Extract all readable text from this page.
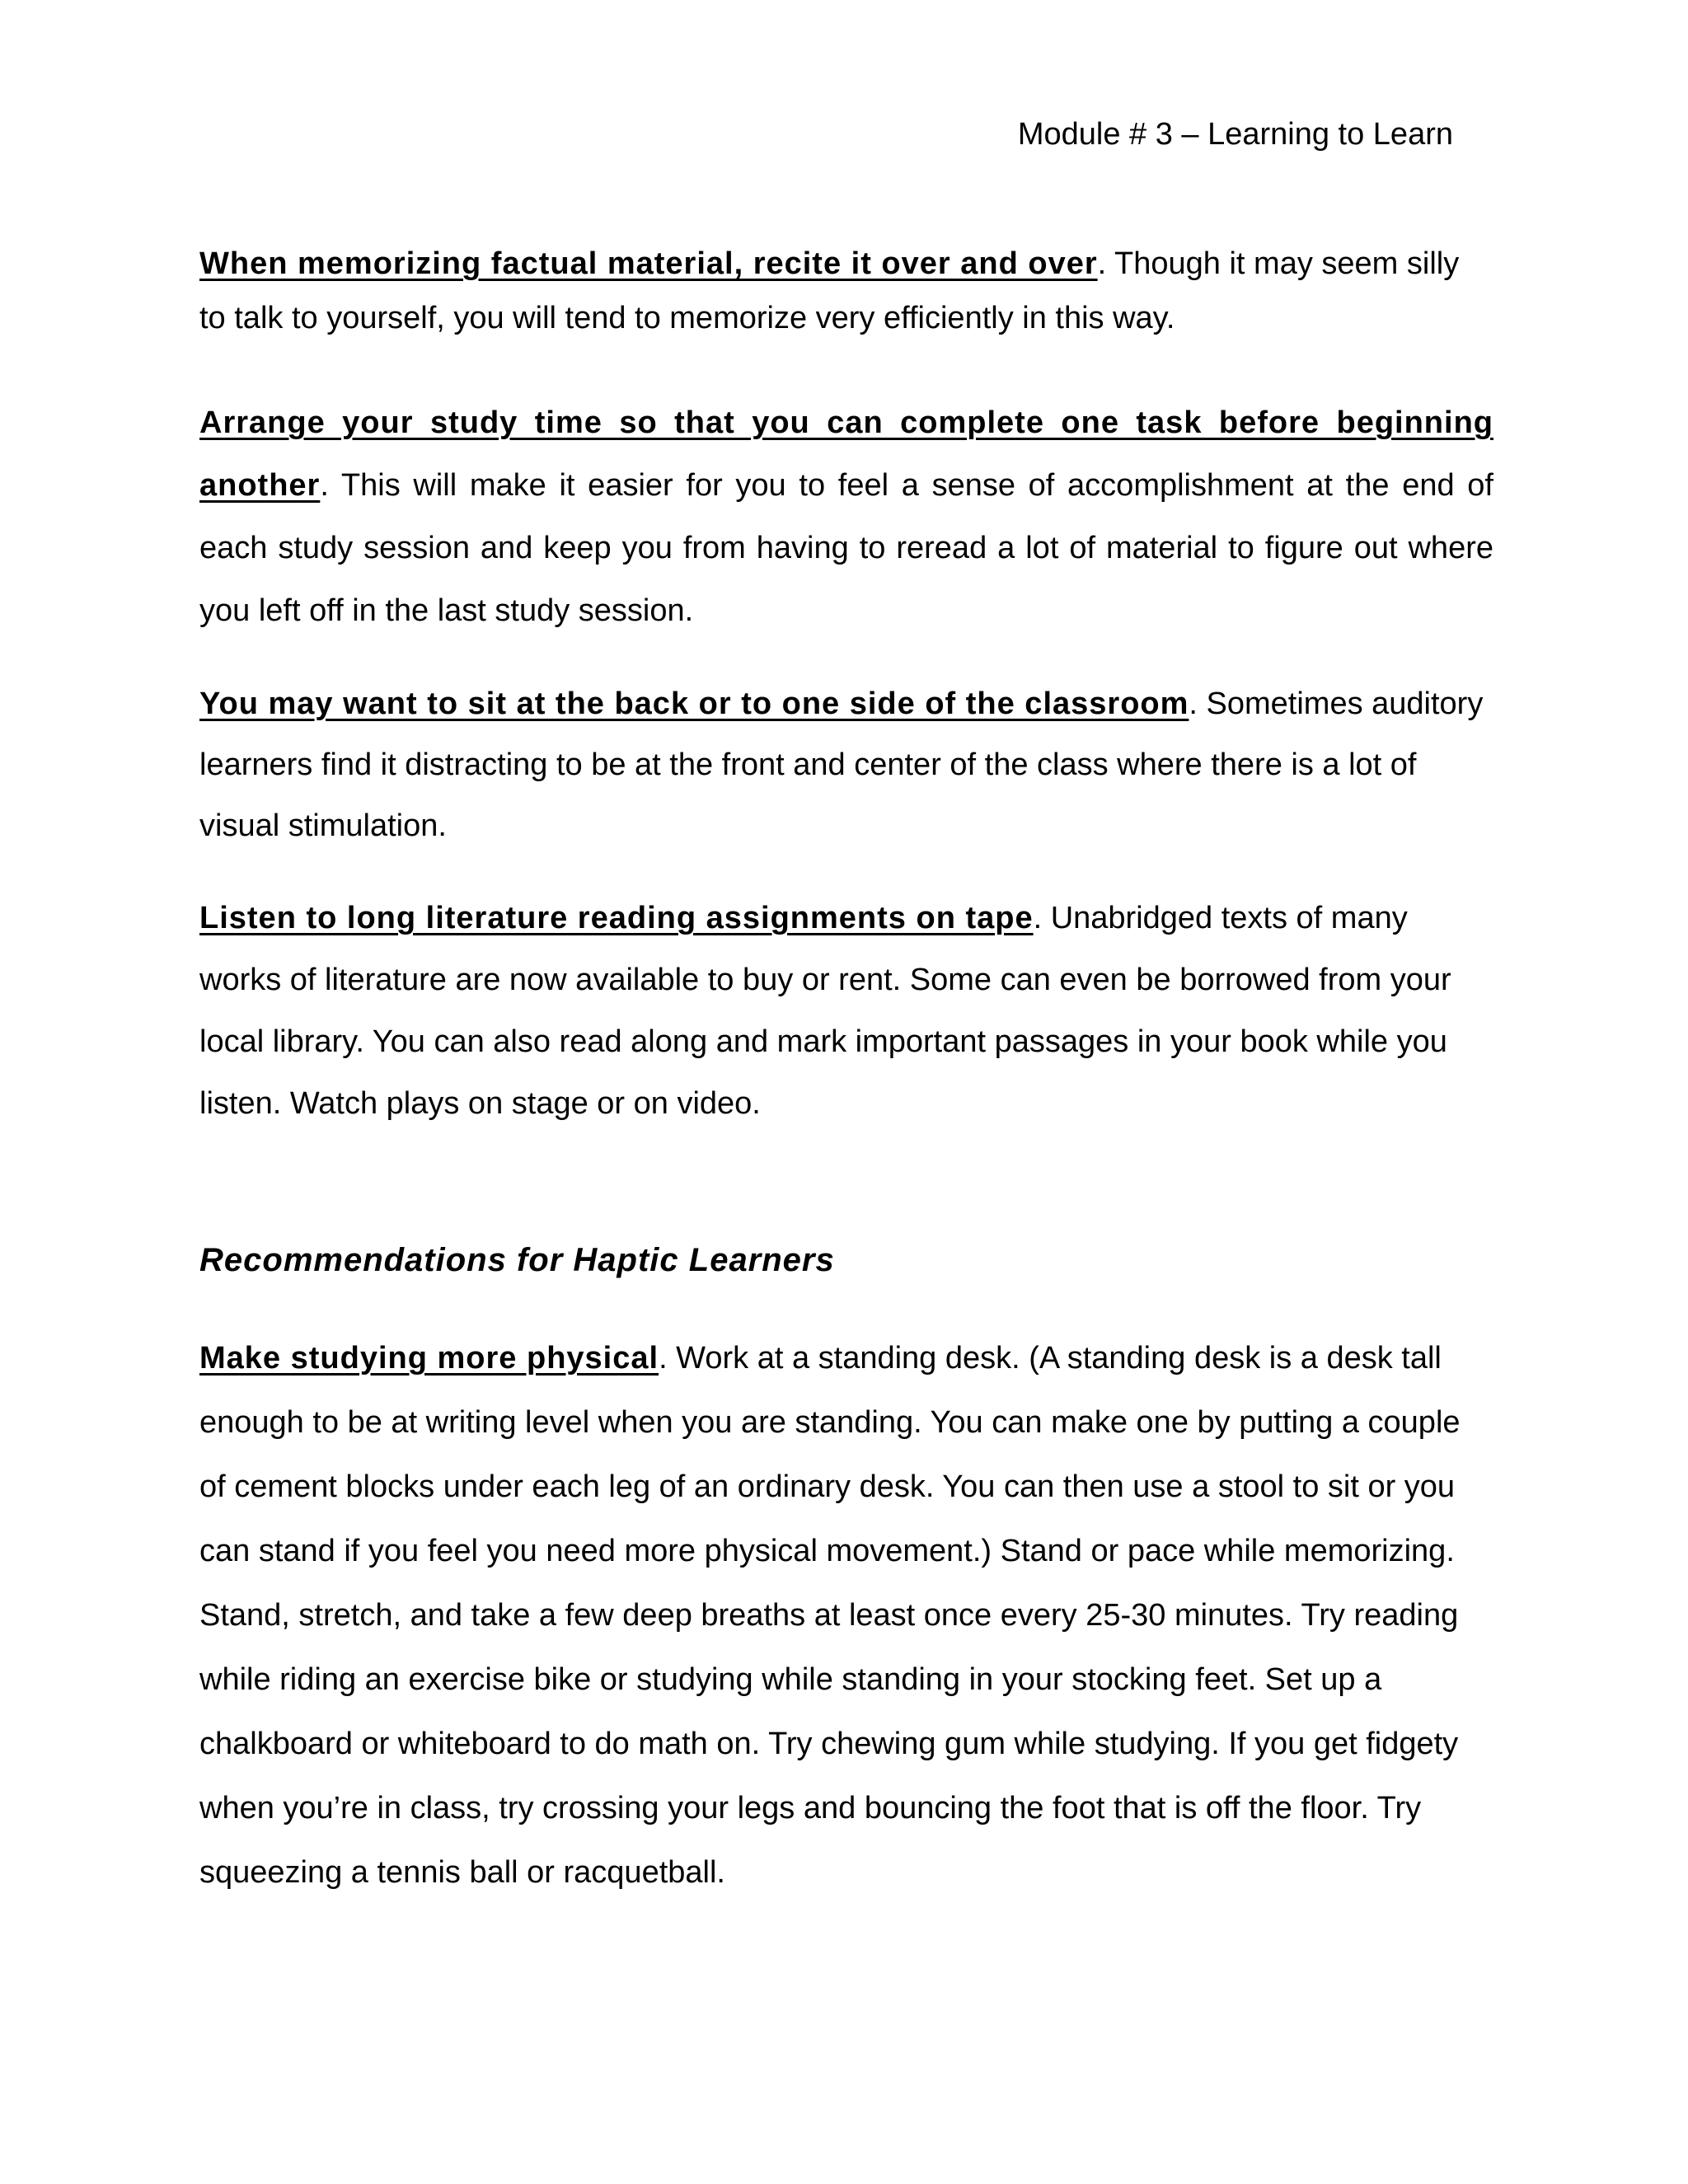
Module # 3 – Learning to Learn

When memorizing factual material, recite it over and over. Though it may seem silly to talk to yourself, you will tend to memorize very efficiently in this way.

Arrange your study time so that you can complete one task before beginning another. This will make it easier for you to feel a sense of accomplishment at the end of each study session and keep you from having to reread a lot of material to figure out where you left off in the last study session.

You may want to sit at the back or to one side of the classroom. Sometimes auditory learners find it distracting to be at the front and center of the class where there is a lot of visual stimulation.

Listen to long literature reading assignments on tape. Unabridged texts of many works of literature are now available to buy or rent. Some can even be borrowed from your local library. You can also read along and mark important passages in your book while you listen. Watch plays on stage or on video.

Recommendations for Haptic Learners

Make studying more physical. Work at a standing desk. (A standing desk is a desk tall enough to be at writing level when you are standing. You can make one by putting a couple of cement blocks under each leg of an ordinary desk. You can then use a stool to sit or you can stand if you feel you need more physical movement.) Stand or pace while memorizing. Stand, stretch, and take a few deep breaths at least once every 25-30 minutes. Try reading while riding an exercise bike or studying while standing in your stocking feet. Set up a chalkboard or whiteboard to do math on. Try chewing gum while studying. If you get fidgety when you’re in class, try crossing your legs and bouncing the foot that is off the floor. Try squeezing a tennis ball or racquetball.
